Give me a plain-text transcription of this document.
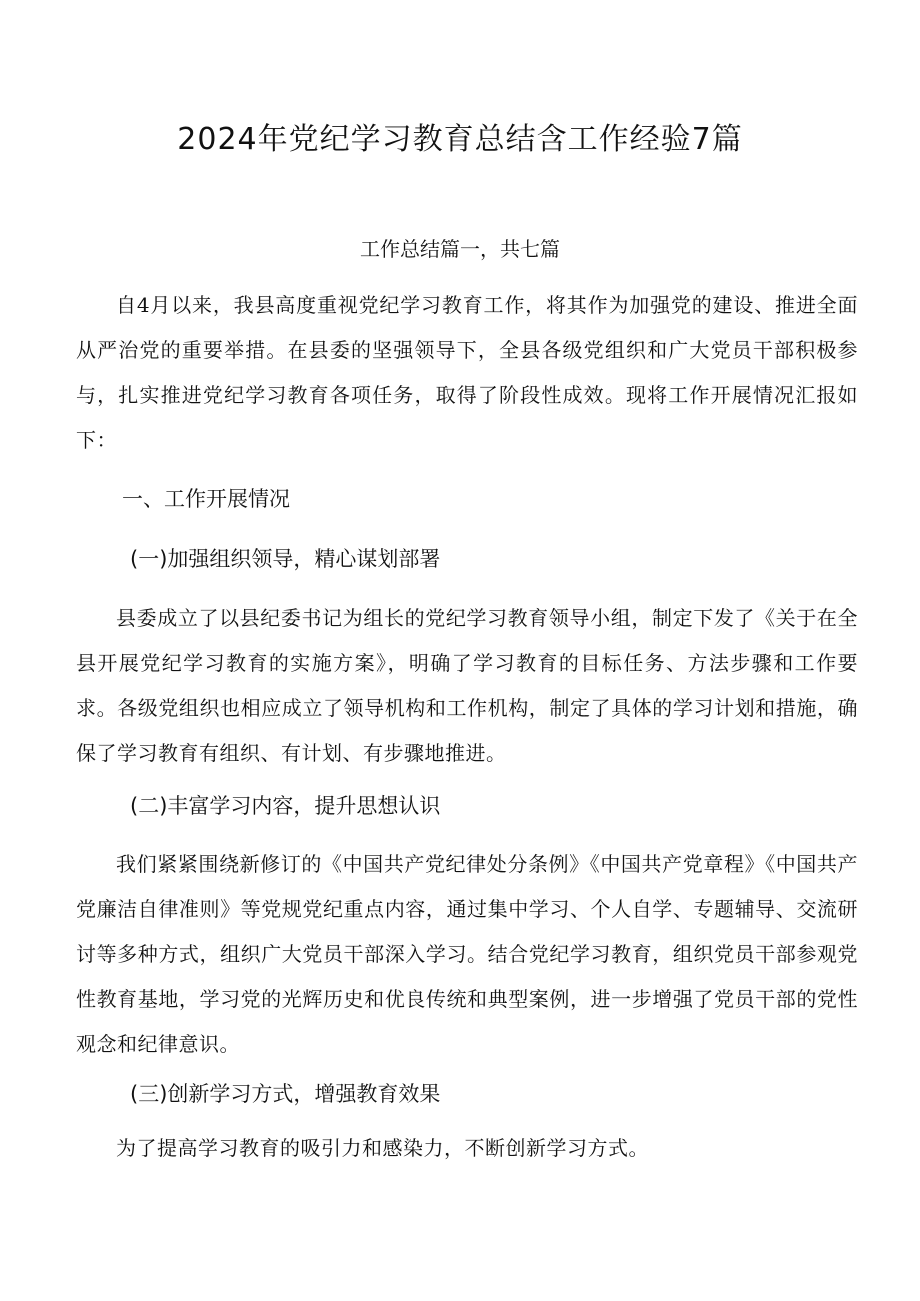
2024年党纪学习教育总结含工作经验7篇

工作总结篇一，共七篇

自4月以来，我县高度重视党纪学习教育工作，将其作为加强党的建设、推进全面从严治党的重要举措。在县委的坚强领导下，全县各级党组织和广大党员干部积极参与，扎实推进党纪学习教育各项任务，取得了阶段性成效。现将工作开展情况汇报如下：

一、工作开展情况
(一)加强组织领导，精心谋划部署

县委成立了以县纪委书记为组长的党纪学习教育领导小组，制定下发了《关于在全县开展党纪学习教育的实施方案》，明确了学习教育的目标任务、方法步骤和工作要求。各级党组织也相应成立了领导机构和工作机构，制定了具体的学习计划和措施，确保了学习教育有组织、有计划、有步骤地推进。

(二)丰富学习内容，提升思想认识

我们紧紧围绕新修订的《中国共产党纪律处分条例》《中国共产党章程》《中国共产党廉洁自律准则》等党规党纪重点内容，通过集中学习、个人自学、专题辅导、交流研讨等多种方式，组织广大党员干部深入学习。结合党纪学习教育，组织党员干部参观党性教育基地，学习党的光辉历史和优良传统和典型案例，进一步增强了党员干部的党性观念和纪律意识。

(三)创新学习方式，增强教育效果

为了提高学习教育的吸引力和感染力，不断创新学习方式。
